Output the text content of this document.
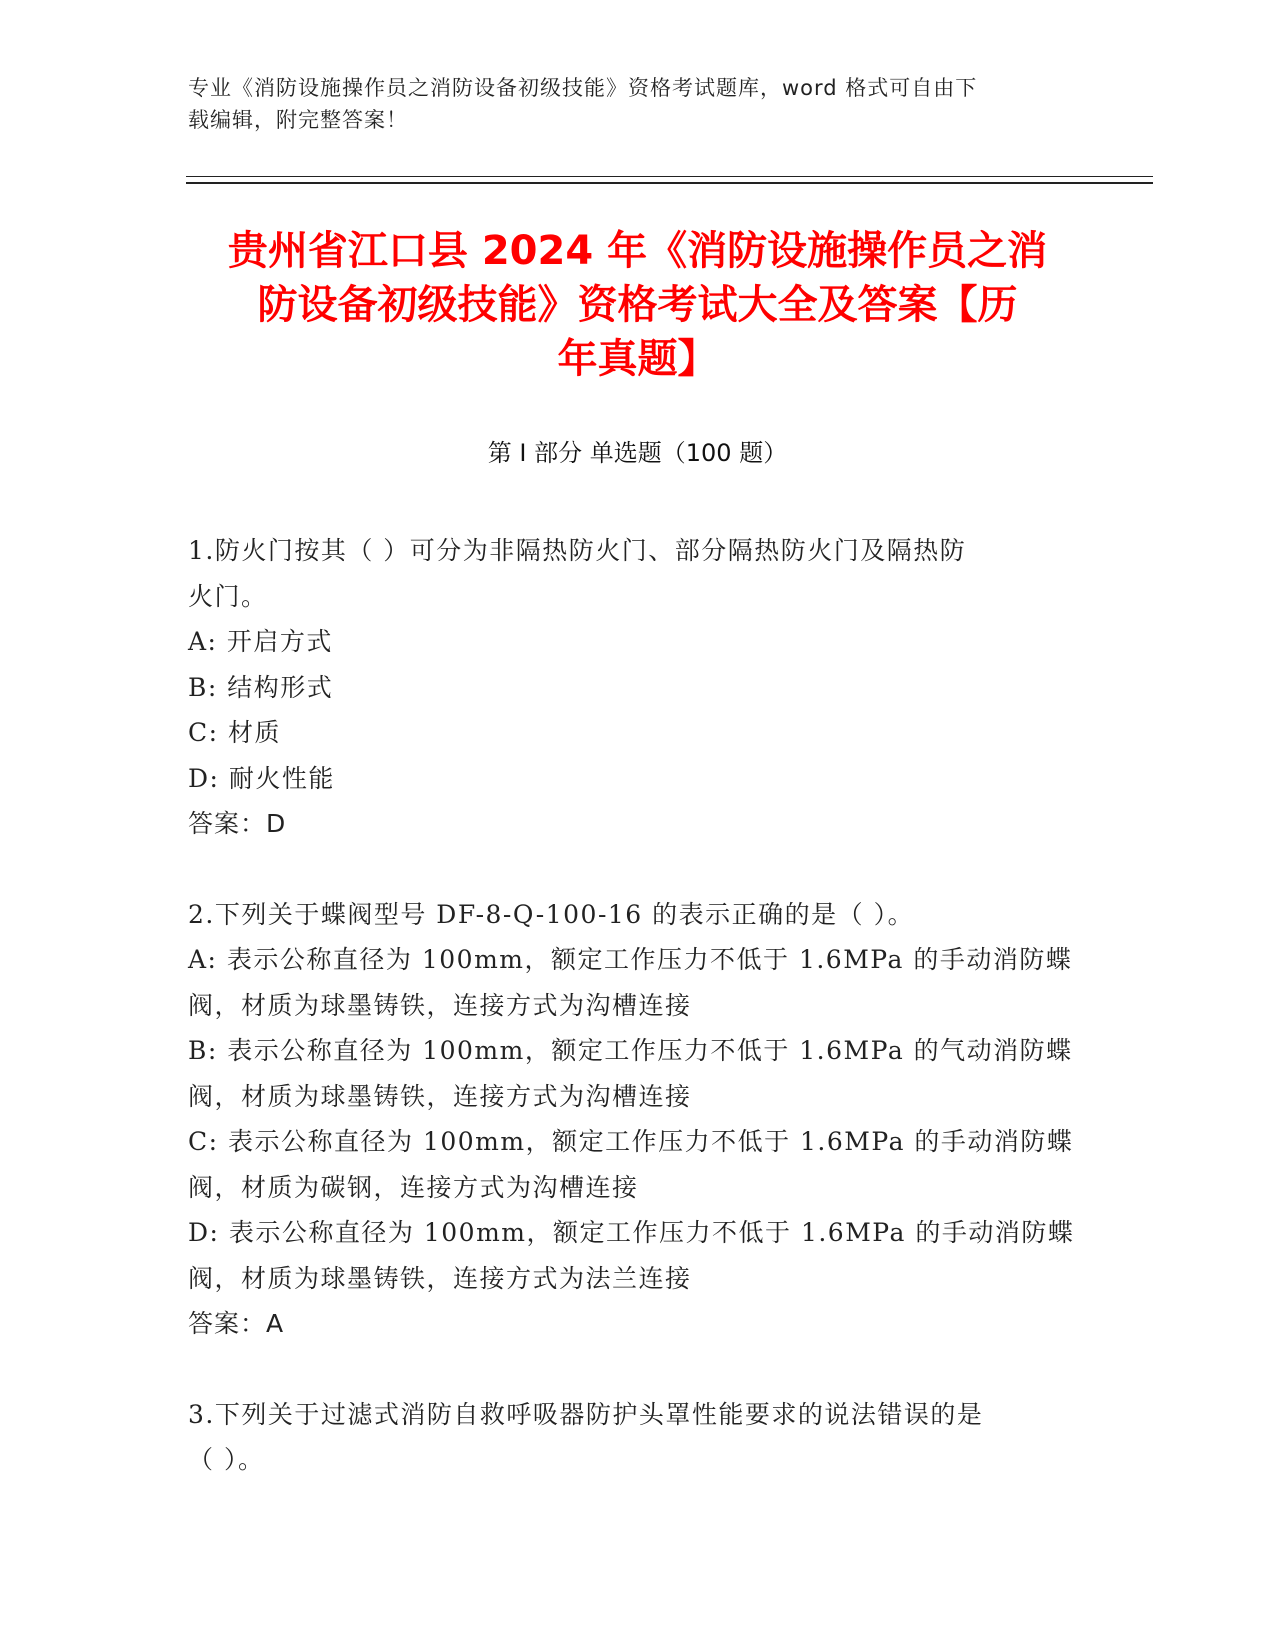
专业《消防设施操作员之消防设备初级技能》资格考试题库，word 格式可自由下
载编辑，附完整答案！
贵州省江口县 2024 年《消防设施操作员之消
防设备初级技能》资格考试大全及答案【历
年真题】
第 I 部分 单选题（100 题）

1.防火门按其（ ）可分为非隔热防火门、部分隔热防火门及隔热防

火门。

A: 开启方式

B: 结构形式

C: 材质

D: 耐火性能

答案：D

2.下列关于蝶阀型号 DF-8-Q-100-16 的表示正确的是（ ）。

A: 表示公称直径为 100mm，额定工作压力不低于 1.6MPa 的手动消防蝶

阀，材质为球墨铸铁，连接方式为沟槽连接

B: 表示公称直径为 100mm，额定工作压力不低于 1.6MPa 的气动消防蝶

阀，材质为球墨铸铁，连接方式为沟槽连接

C: 表示公称直径为 100mm，额定工作压力不低于 1.6MPa 的手动消防蝶

阀，材质为碳钢，连接方式为沟槽连接

D: 表示公称直径为 100mm，额定工作压力不低于 1.6MPa 的手动消防蝶

阀，材质为球墨铸铁，连接方式为法兰连接

答案：A

3.下列关于过滤式消防自救呼吸器防护头罩性能要求的说法错误的是

（ ）。
